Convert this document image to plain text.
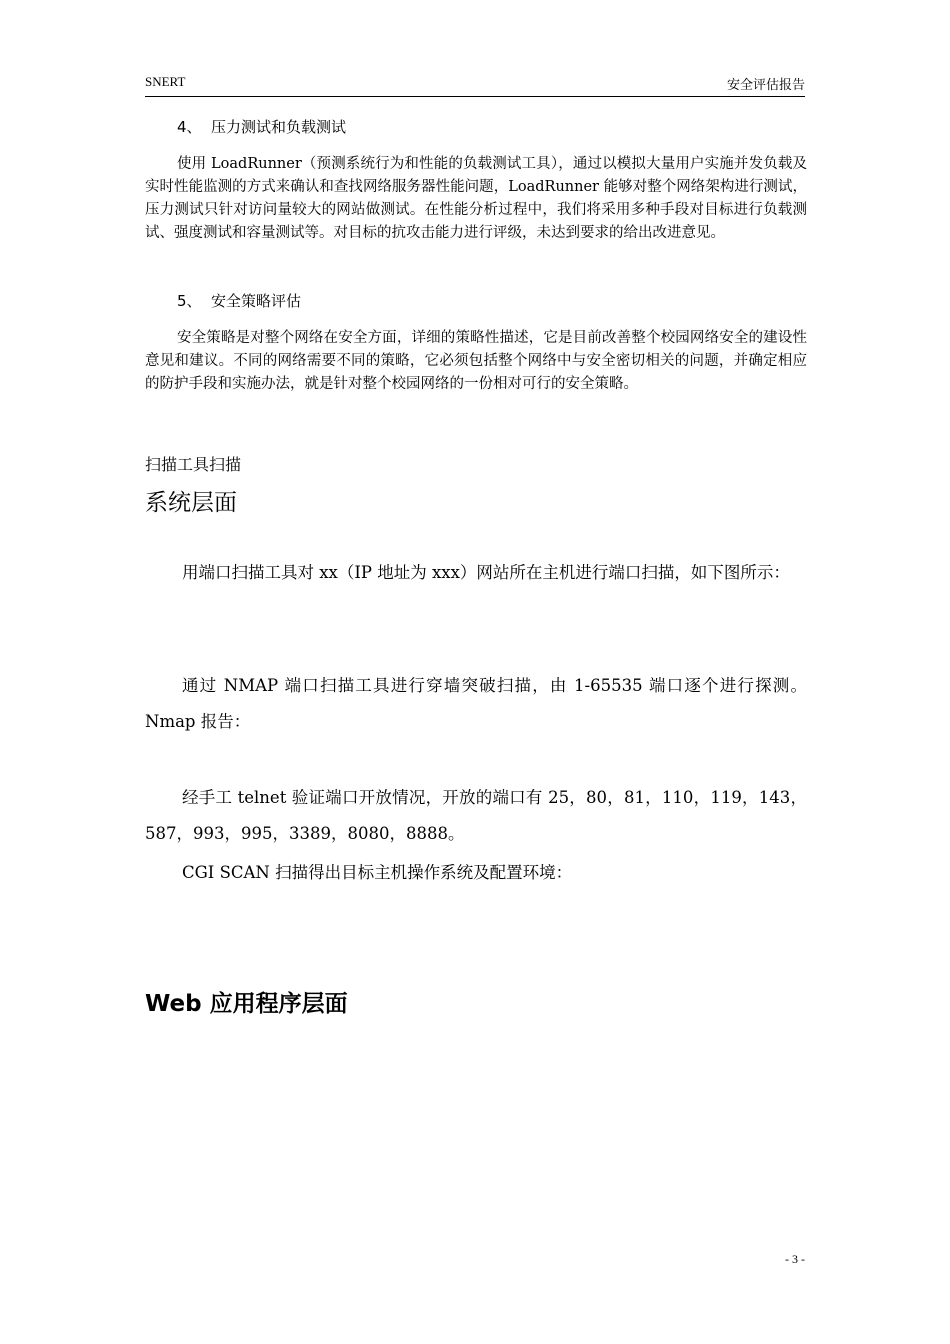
SNERT	安全评估报告
4、 压力测试和负载测试

使用 LoadRunner（预测系统行为和性能的负载测试工具），通过以模拟大量用户实施并发负载及实时性能监测的方式来确认和查找网络服务器性能问题，LoadRunner 能够对整个网络架构进行测试，压力测试只针对访问量较大的网站做测试。在性能分析过程中，我们将采用多种手段对目标进行负载测试、强度测试和容量测试等。对目标的抗攻击能力进行评级，未达到要求的给出改进意见。

5、 安全策略评估

安全策略是对整个网络在安全方面，详细的策略性描述，它是目前改善整个校园网络安全的建设性意见和建议。不同的网络需要不同的策略，它必须包括整个网络中与安全密切相关的问题，并确定相应的防护手段和实施办法，就是针对整个校园网络的一份相对可行的安全策略。

扫描工具扫描
系统层面

用端口扫描工具对 xx（IP 地址为 xxx）网站所在主机进行端口扫描，如下图所示：

通过 NMAP 端口扫描工具进行穿墙突破扫描，由 1-65535 端口逐个进行探测。Nmap 报告：

经手工 telnet 验证端口开放情况，开放的端口有 25，80，81，110，119，143，587，993，995，3389，8080，8888。

CGI SCAN 扫描得出目标主机操作系统及配置环境：

Web 应用程序层面
- 3 -
